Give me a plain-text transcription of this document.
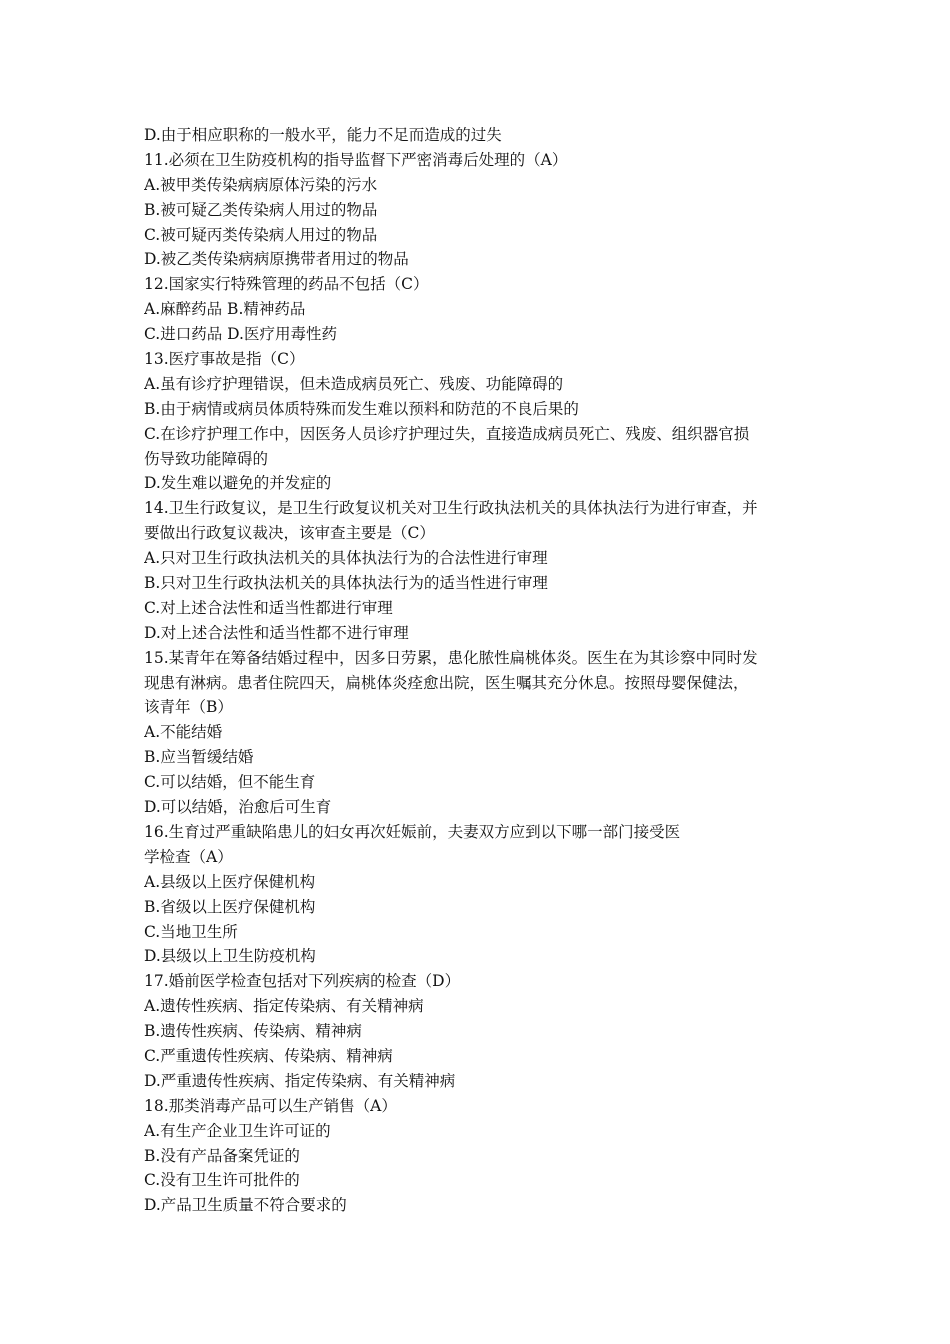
D.由于相应职称的一般水平，能力不足而造成的过失
11.必须在卫生防疫机构的指导监督下严密消毒后处理的（A）
A.被甲类传染病病原体污染的污水
B.被可疑乙类传染病人用过的物品
C.被可疑丙类传染病人用过的物品
D.被乙类传染病病原携带者用过的物品
12.国家实行特殊管理的药品不包括（C）
A.麻醉药品 B.精神药品
C.进口药品 D.医疗用毒性药
13.医疗事故是指（C）
A.虽有诊疗护理错误，但未造成病员死亡、残废、功能障碍的
B.由于病情或病员体质特殊而发生难以预料和防范的不良后果的
C.在诊疗护理工作中，因医务人员诊疗护理过失，直接造成病员死亡、残废、组织器官损
伤导致功能障碍的
D.发生难以避免的并发症的
14.卫生行政复议，是卫生行政复议机关对卫生行政执法机关的具体执法行为进行审查，并
要做出行政复议裁决，该审查主要是（C）
A.只对卫生行政执法机关的具体执法行为的合法性进行审理
B.只对卫生行政执法机关的具体执法行为的适当性进行审理
C.对上述合法性和适当性都进行审理
D.对上述合法性和适当性都不进行审理
15.某青年在筹备结婚过程中，因多日劳累，患化脓性扁桃体炎。医生在为其诊察中同时发
现患有淋病。患者住院四天，扁桃体炎痊愈出院，医生嘱其充分休息。按照母婴保健法，
该青年（B）
A.不能结婚
B.应当暂缓结婚
C.可以结婚，但不能生育
D.可以结婚，治愈后可生育
16.生育过严重缺陷患儿的妇女再次妊娠前，夫妻双方应到以下哪一部门接受医
学检查（A）
A.县级以上医疗保健机构
B.省级以上医疗保健机构
C.当地卫生所
D.县级以上卫生防疫机构
17.婚前医学检查包括对下列疾病的检查（D）
A.遗传性疾病、指定传染病、有关精神病
B.遗传性疾病、传染病、精神病
C.严重遗传性疾病、传染病、精神病
D.严重遗传性疾病、指定传染病、有关精神病
18.那类消毒产品可以生产销售（A）
A.有生产企业卫生许可证的
B.没有产品备案凭证的
C.没有卫生许可批件的
D.产品卫生质量不符合要求的
